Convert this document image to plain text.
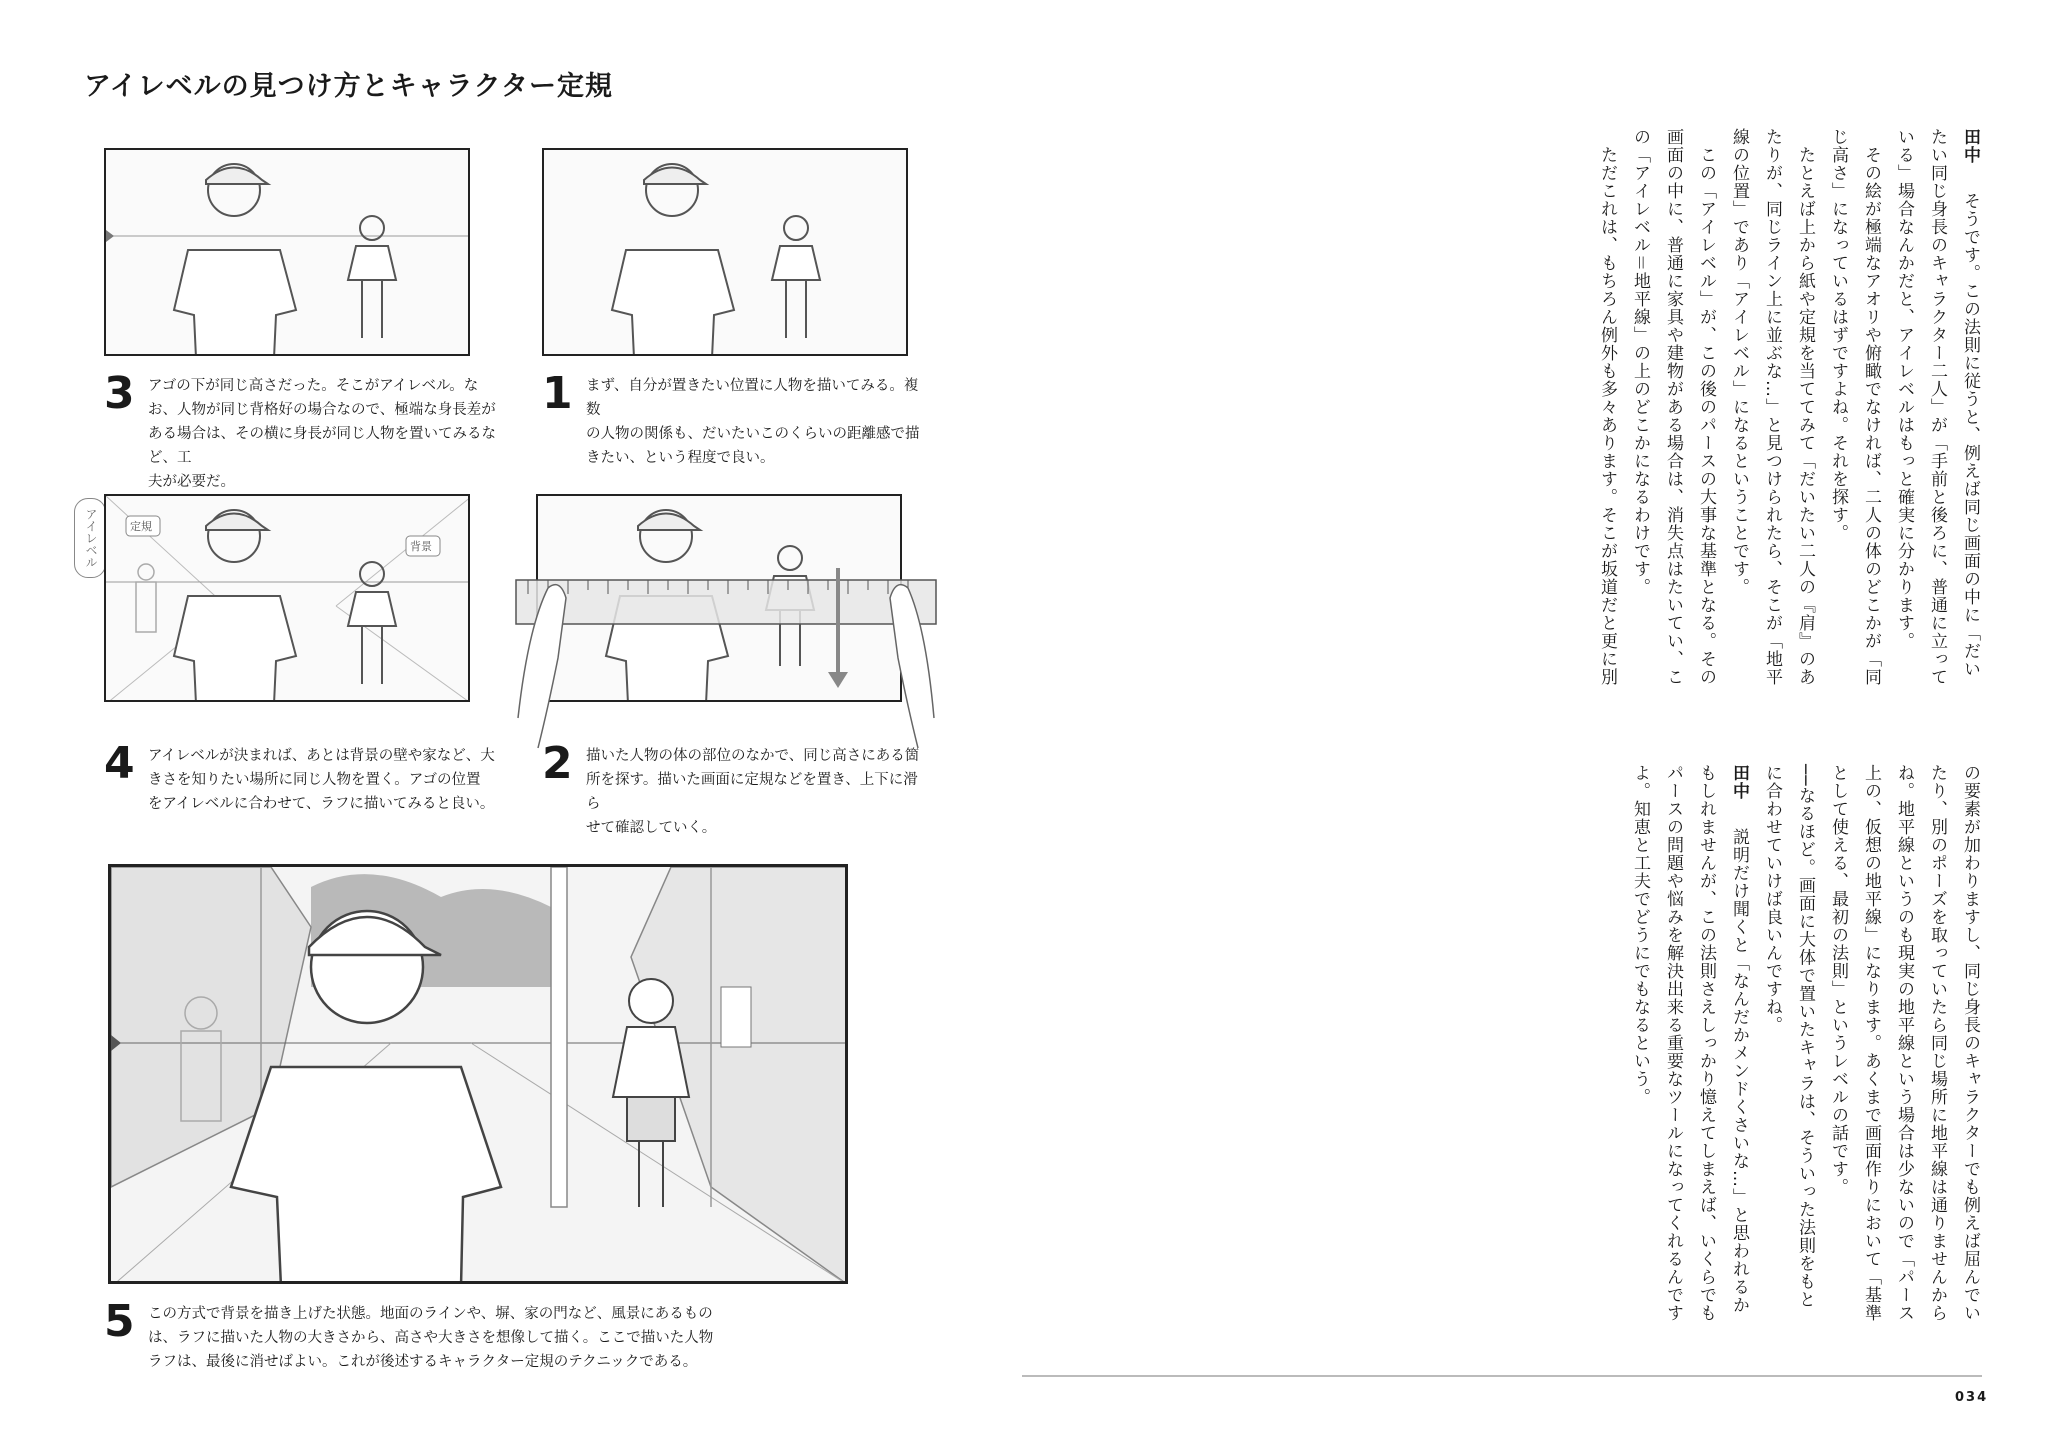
アイレベルの見つけ方とキャラクター定規
3 アゴの下が同じ高さだった。そこがアイレベル。な
お、人物が同じ背格好の場合なので、極端な身長差が
ある場合は、その横に身長が同じ人物を置いてみるなど、工
夫が必要だ。
1 まず、自分が置きたい位置に人物を描いてみる。複数
の人物の関係も、だいたいこのくらいの距離感で描
きたい、という程度で良い。
アイレベル	定規
背景
4 アイレベルが決まれば、あとは背景の壁や家など、大
きさを知りたい場所に同じ人物を置く。アゴの位置
をアイレベルに合わせて、ラフに描いてみると良い。
2 描いた人物の体の部位のなかで、同じ高さにある箇
所を探す。描いた画面に定規などを置き、上下に滑ら
せて確認していく。
5 この方式で背景を描き上げた状態。地面のラインや、塀、家の門など、風景にあるもの
は、ラフに描いた人物の大きさから、高さや大きさを想像して描く。ここで描いた人物
ラフは、最後に消せばよい。これが後述するキャラクター定規のテクニックである。

田中　そうです。この法則に従うと、例えば同じ画面の中に「だいたい同じ身長のキャラクター二人」が「手前と後ろに、普通に立っている」場合なんかだと、アイレベルはもっと確実に分かります。

　その絵が極端なアオリや俯瞰でなければ、二人の体のどこかが「同じ高さ」になっているはずですよね。それを探す。

　たとえば上から紙や定規を当ててみて「だいたい二人の『肩』のあたりが、同じライン上に並ぶな…」と見つけられたら、そこが「地平線の位置」であり「アイレベル」になるということです。

　この「アイレベル」が、この後のパースの大事な基準となる。その画面の中に、普通に家具や建物がある場合は、消失点はたいてい、この「アイレベル＝地平線」の上のどこかになるわけです。

　ただこれは、もちろん例外も多々あります。そこが坂道だと更に別

の要素が加わりますし、同じ身長のキャラクターでも例えば屈んでいたり、別のポーズを取っていたら同じ場所に地平線は通りませんからね。地平線というのも現実の地平線という場合は少ないので「パース上の、仮想の地平線」になります。あくまで画面作りにおいて「基準として使える、最初の法則」というレベルの話です。

──なるほど。画面に大体で置いたキャラは、そういった法則をもとに合わせていけば良いんですね。

田中　説明だけ聞くと「なんだかメンドくさいな…」と思われるかもしれませんが、この法則さえしっかり憶えてしまえば、いくらでもパースの問題や悩みを解決出来る重要なツールになってくれるんですよ。知恵と工夫でどうにでもなるという。

034
